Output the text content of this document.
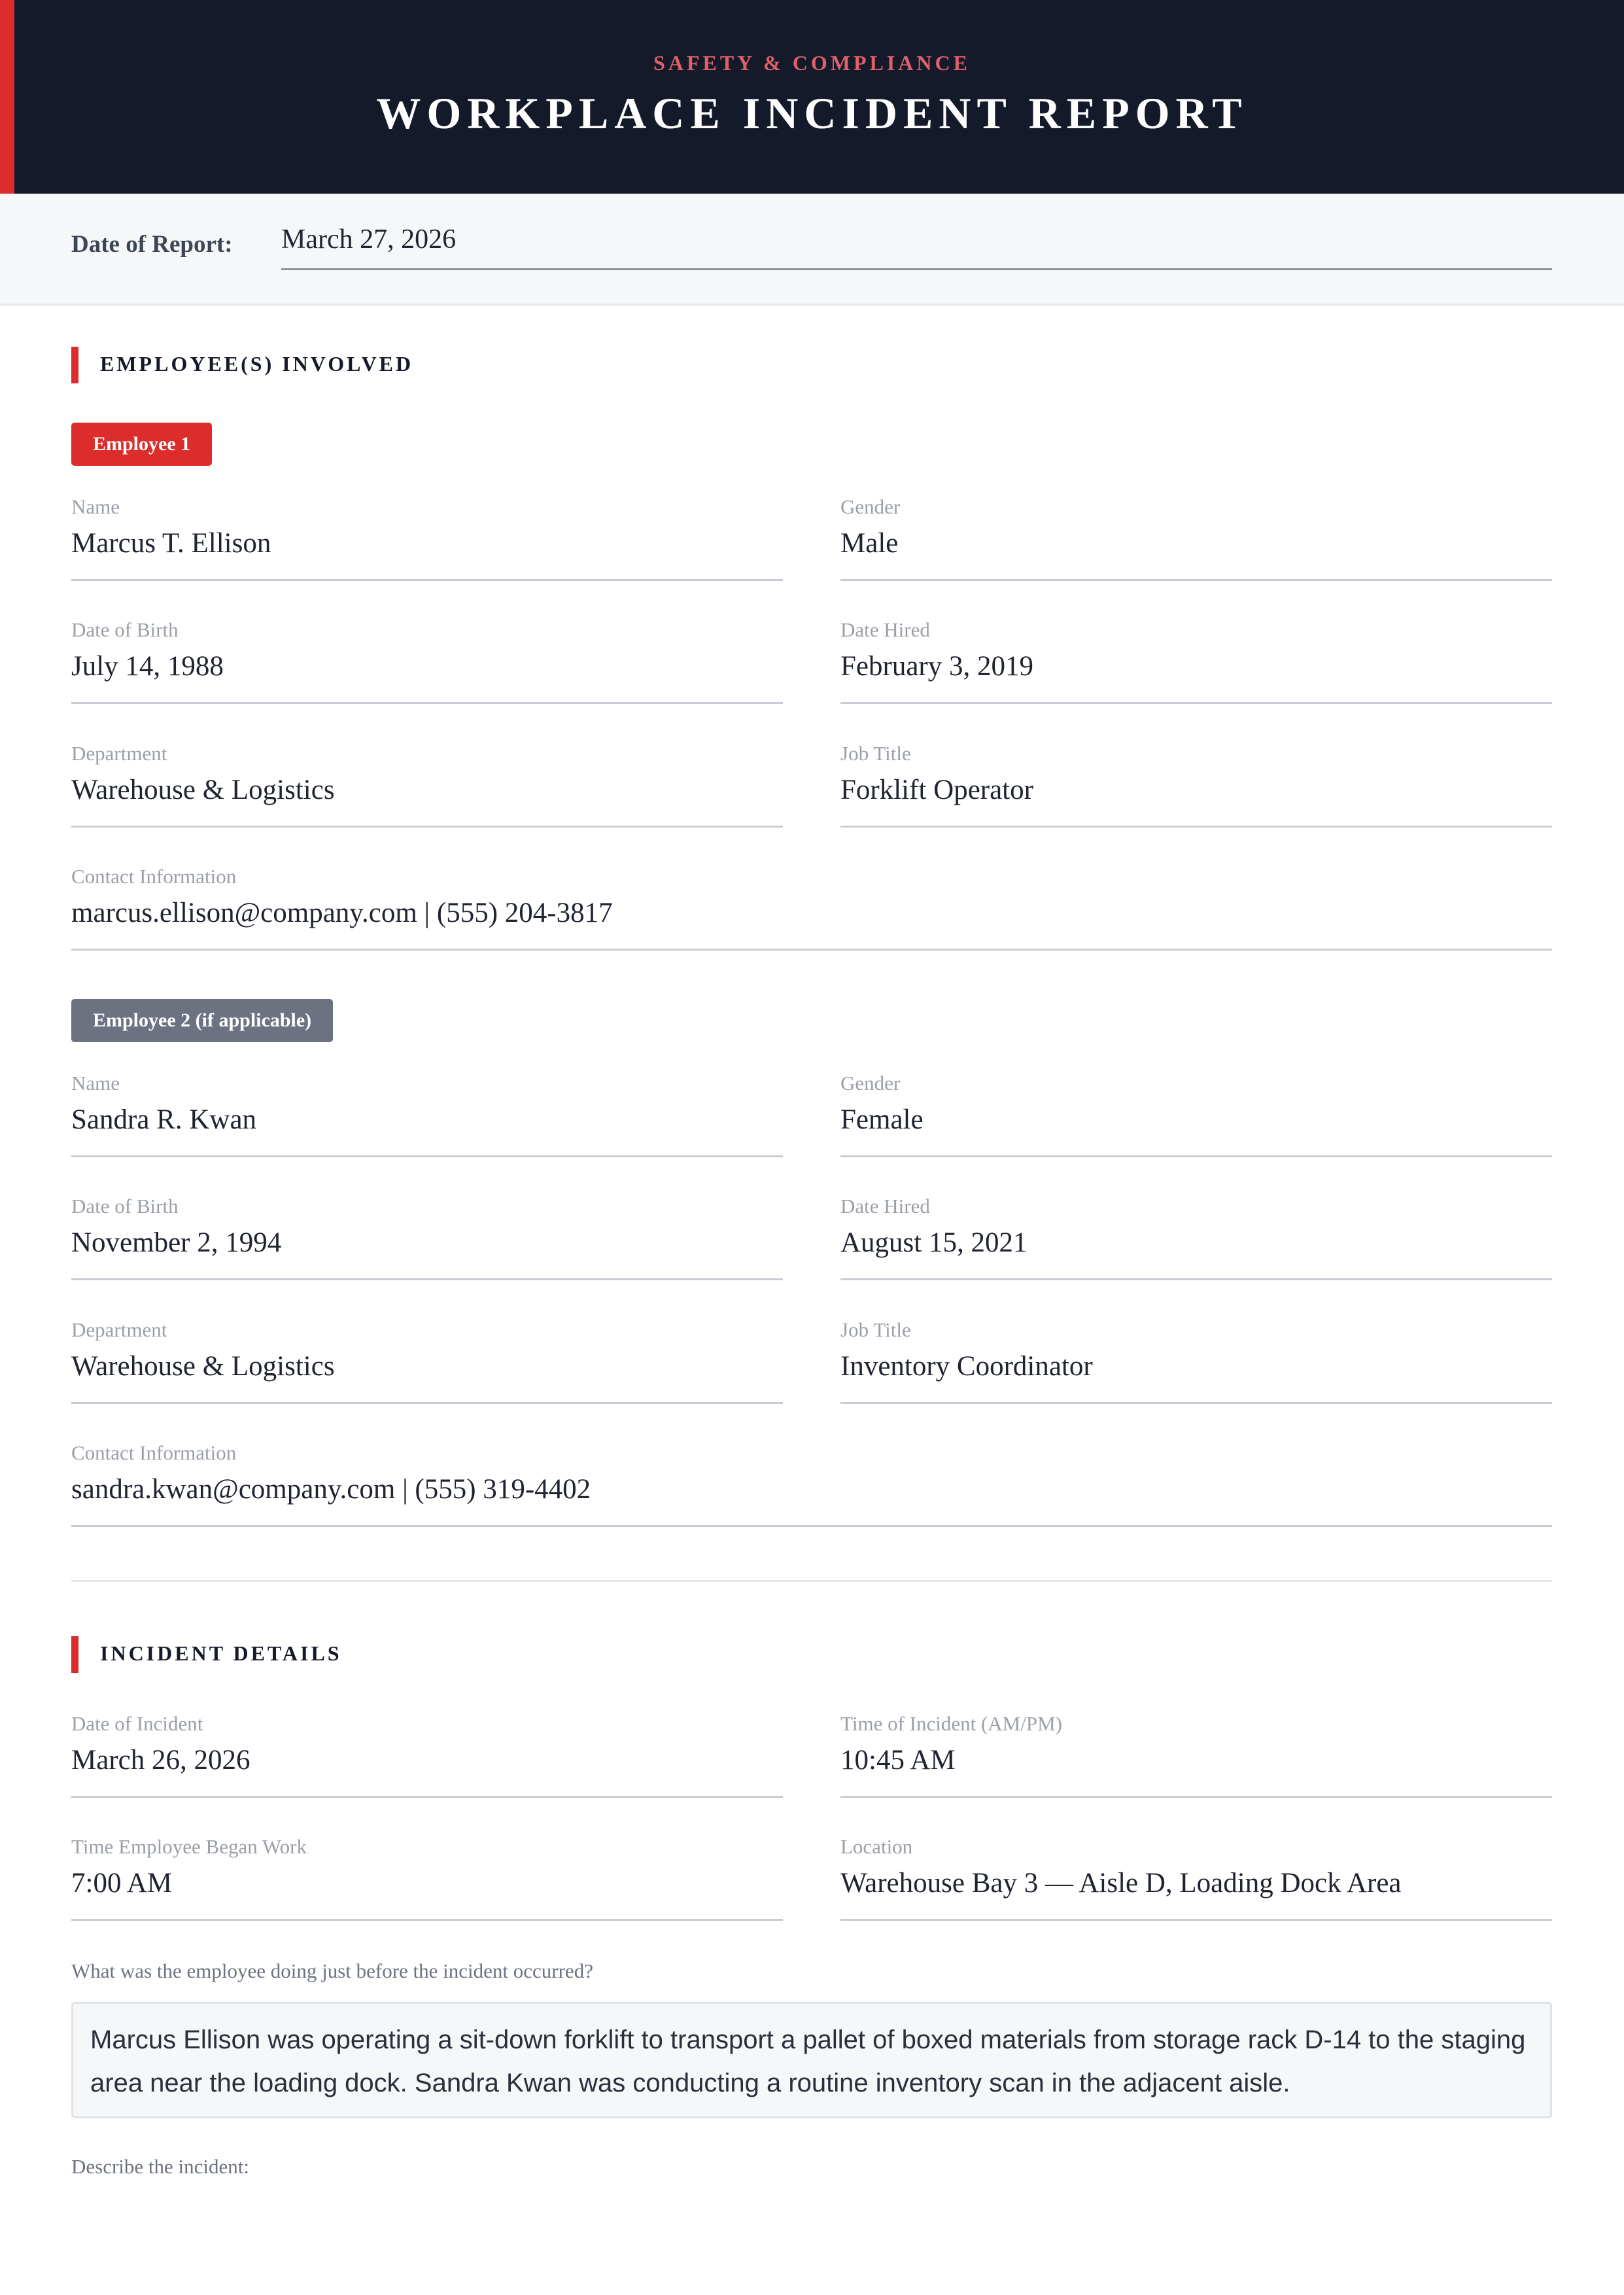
SAFETY & COMPLIANCE
WORKPLACE INCIDENT REPORT
Date of Report: March 27, 2026
EMPLOYEE(S) INVOLVED
Employee 1
Name
Marcus T. Ellison
Gender
Male
Date of Birth
July 14, 1988
Date Hired
February 3, 2019
Department
Warehouse & Logistics
Job Title
Forklift Operator
Contact Information
marcus.ellison@company.com | (555) 204-3817
Employee 2 (if applicable)
Name
Sandra R. Kwan
Gender
Female
Date of Birth
November 2, 1994
Date Hired
August 15, 2021
Department
Warehouse & Logistics
Job Title
Inventory Coordinator
Contact Information
sandra.kwan@company.com | (555) 319-4402
INCIDENT DETAILS
Date of Incident
March 26, 2026
Time of Incident (AM/PM)
10:45 AM
Time Employee Began Work
7:00 AM
Location
Warehouse Bay 3 — Aisle D, Loading Dock Area
What was the employee doing just before the incident occurred?
Marcus Ellison was operating a sit-down forklift to transport a pallet of boxed materials from storage rack D-14 to the staging area near the loading dock. Sandra Kwan was conducting a routine inventory scan in the adjacent aisle.
Describe the incident:
